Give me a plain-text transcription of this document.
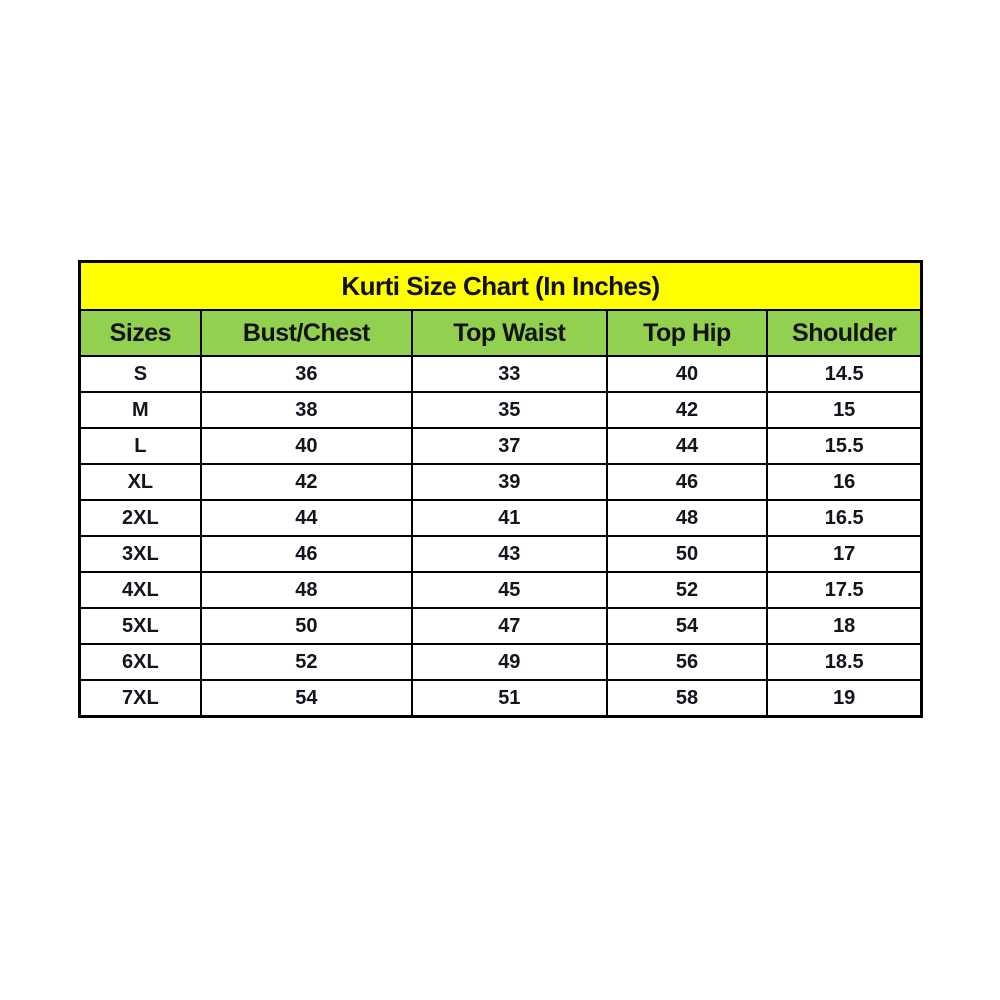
Kurti Size Chart (In Inches)				
Sizes	Bust/Chest	Top Waist	Top Hip	Shoulder
S	36	33	40	14.5
M	38	35	42	15
L	40	37	44	15.5
XL	42	39	46	16
2XL	44	41	48	16.5
3XL	46	43	50	17
4XL	48	45	52	17.5
5XL	50	47	54	18
6XL	52	49	56	18.5
7XL	54	51	58	19
